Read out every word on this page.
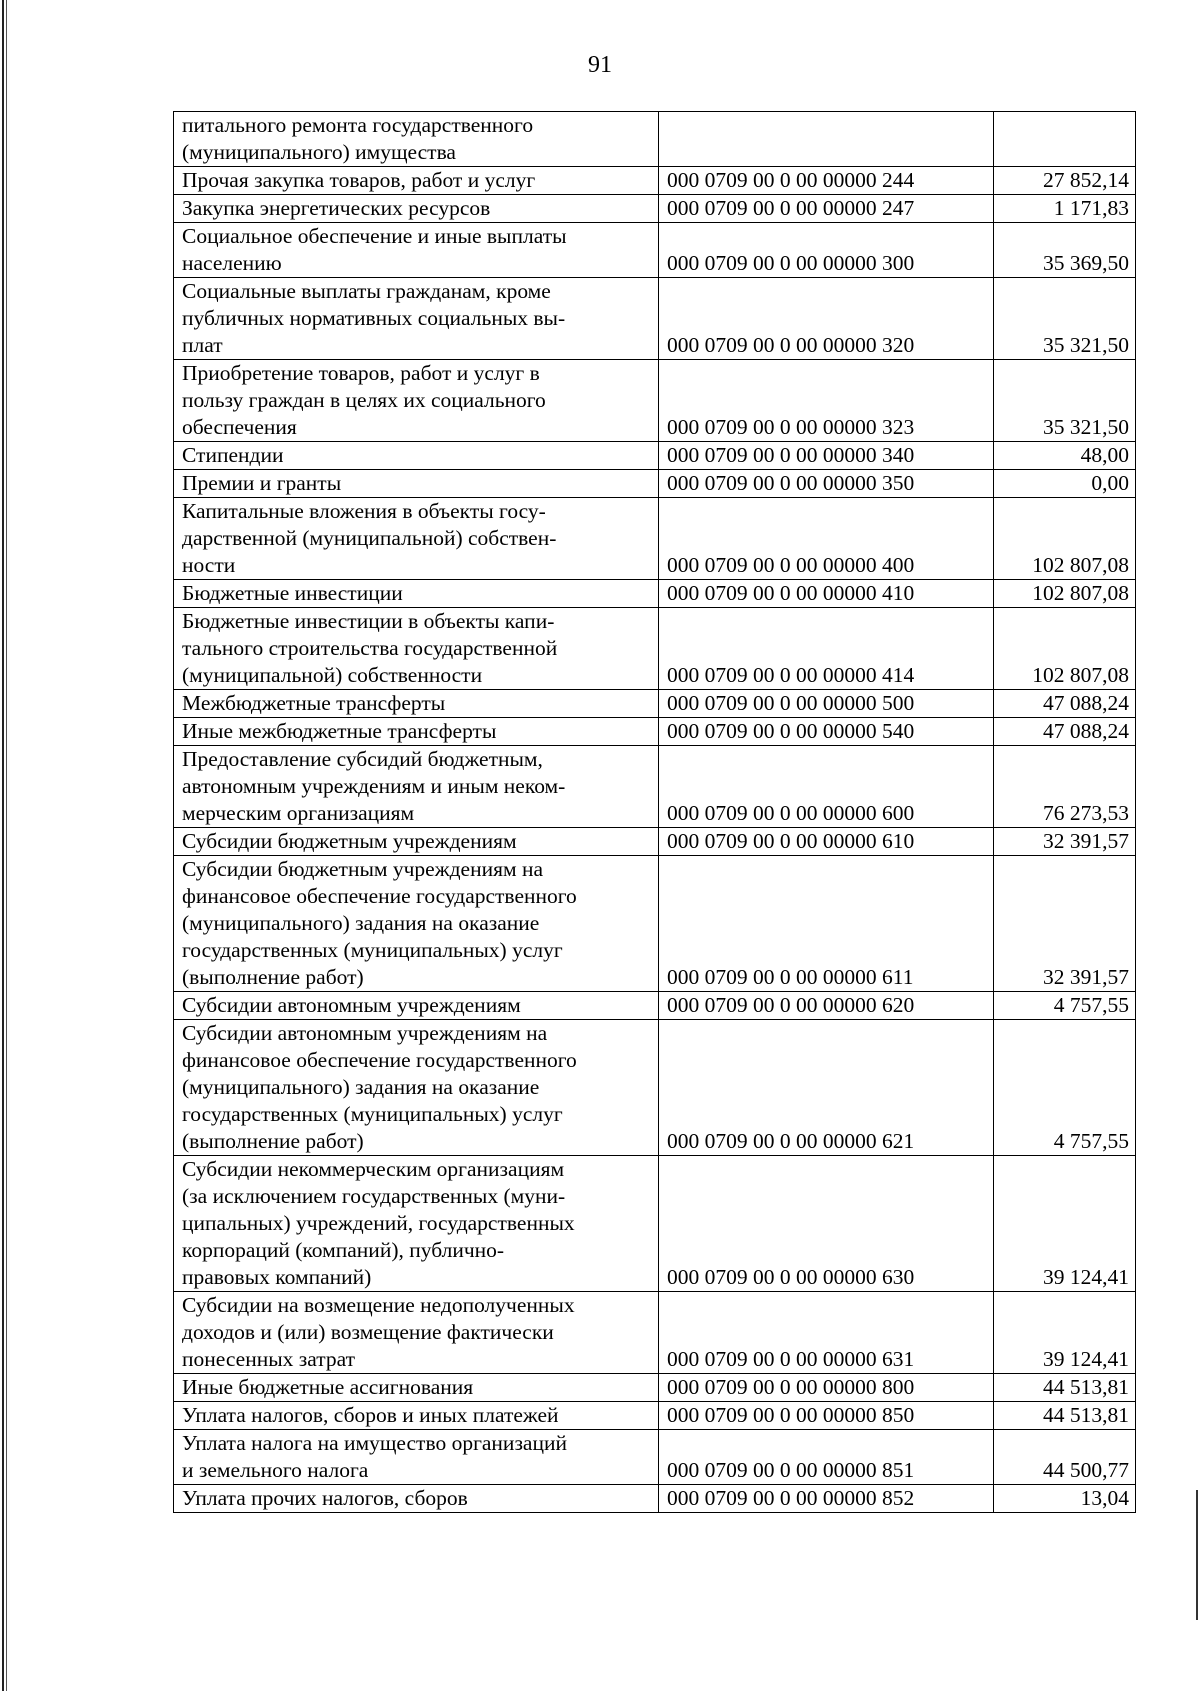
91
питального ремонта государственного
(муниципального) имущества		

Прочая закупка товаров, работ и услуг	000 0709 00 0 00 00000 244	27 852,14

Закупка энергетических ресурсов	000 0709 00 0 00 00000 247	1 171,83

Социальное обеспечение и иные выплаты
населению	000 0709 00 0 00 00000 300	35 369,50

Социальные выплаты гражданам, кроме
публичных нормативных социальных вы-
плат	000 0709 00 0 00 00000 320	35 321,50

Приобретение товаров, работ и услуг в
пользу граждан в целях их социального
обеспечения	000 0709 00 0 00 00000 323	35 321,50

Стипендии	000 0709 00 0 00 00000 340	48,00

Премии и гранты	000 0709 00 0 00 00000 350	0,00

Капитальные вложения в объекты госу-
дарственной (муниципальной) собствен-
ности	000 0709 00 0 00 00000 400	102 807,08

Бюджетные инвестиции	000 0709 00 0 00 00000 410	102 807,08

Бюджетные инвестиции в объекты капи-
тального строительства государственной
(муниципальной) собственности	000 0709 00 0 00 00000 414	102 807,08

Межбюджетные трансферты	000 0709 00 0 00 00000 500	47 088,24

Иные межбюджетные трансферты	000 0709 00 0 00 00000 540	47 088,24

Предоставление субсидий бюджетным,
автономным учреждениям и иным неком-
мерческим организациям	000 0709 00 0 00 00000 600	76 273,53

Субсидии бюджетным учреждениям	000 0709 00 0 00 00000 610	32 391,57

Субсидии бюджетным учреждениям на
финансовое обеспечение государственного
(муниципального) задания на оказание
государственных (муниципальных) услуг
(выполнение работ)	000 0709 00 0 00 00000 611	32 391,57

Субсидии автономным учреждениям	000 0709 00 0 00 00000 620	4 757,55

Субсидии автономным учреждениям на
финансовое обеспечение государственного
(муниципального) задания на оказание
государственных (муниципальных) услуг
(выполнение работ)	000 0709 00 0 00 00000 621	4 757,55

Субсидии некоммерческим организациям
(за исключением государственных (муни-
ципальных) учреждений, государственных
корпораций (компаний), публично-
правовых компаний)	000 0709 00 0 00 00000 630	39 124,41

Субсидии на возмещение недополученных
доходов и (или) возмещение фактически
понесенных затрат	000 0709 00 0 00 00000 631	39 124,41

Иные бюджетные ассигнования	000 0709 00 0 00 00000 800	44 513,81

Уплата налогов, сборов и иных платежей	000 0709 00 0 00 00000 850	44 513,81

Уплата налога на имущество организаций
и земельного налога	000 0709 00 0 00 00000 851	44 500,77

Уплата прочих налогов, сборов	000 0709 00 0 00 00000 852	13,04
